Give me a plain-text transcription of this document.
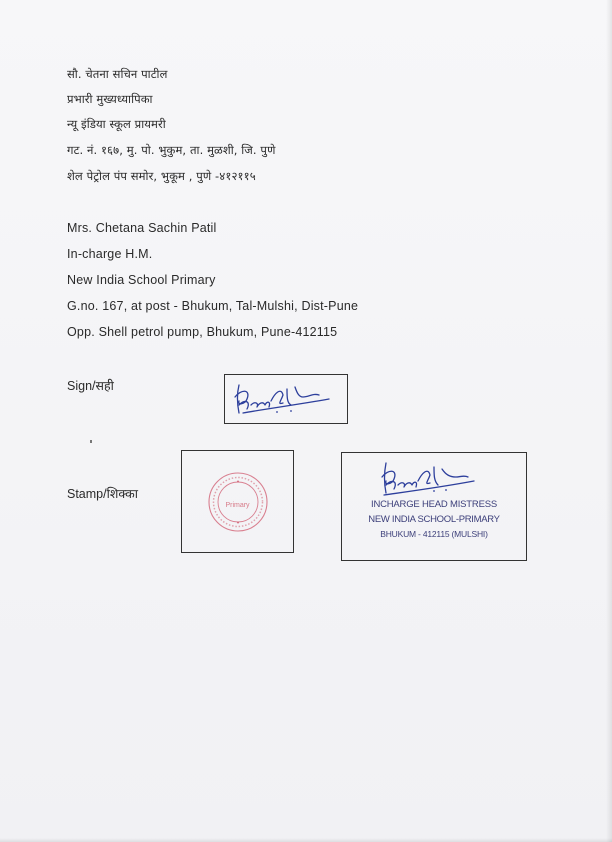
सौ. चेतना सचिन पाटील
प्रभारी मुख्यध्यापिका
न्यू इंडिया स्कूल प्रायमरी
गट. नं. १६७, मु. पो. भुकुम, ता. मुळशी, जि. पुणे
शेल पेट्रोल पंप समोर, भुकूम , पुणे -४१२११५
Mrs. Chetana Sachin Patil
In-charge H.M.
New India School Primary
G.no. 167, at post - Bhukum, Tal-Mulshi, Dist-Pune
Opp. Shell petrol pump, Bhukum, Pune-412115
Sign/सही
Stamp/शिक्का
Primary	INCHARGE HEAD MISTRESS
NEW INDIA SCHOOL-PRIMARY
BHUKUM - 412115 (MULSHI)
